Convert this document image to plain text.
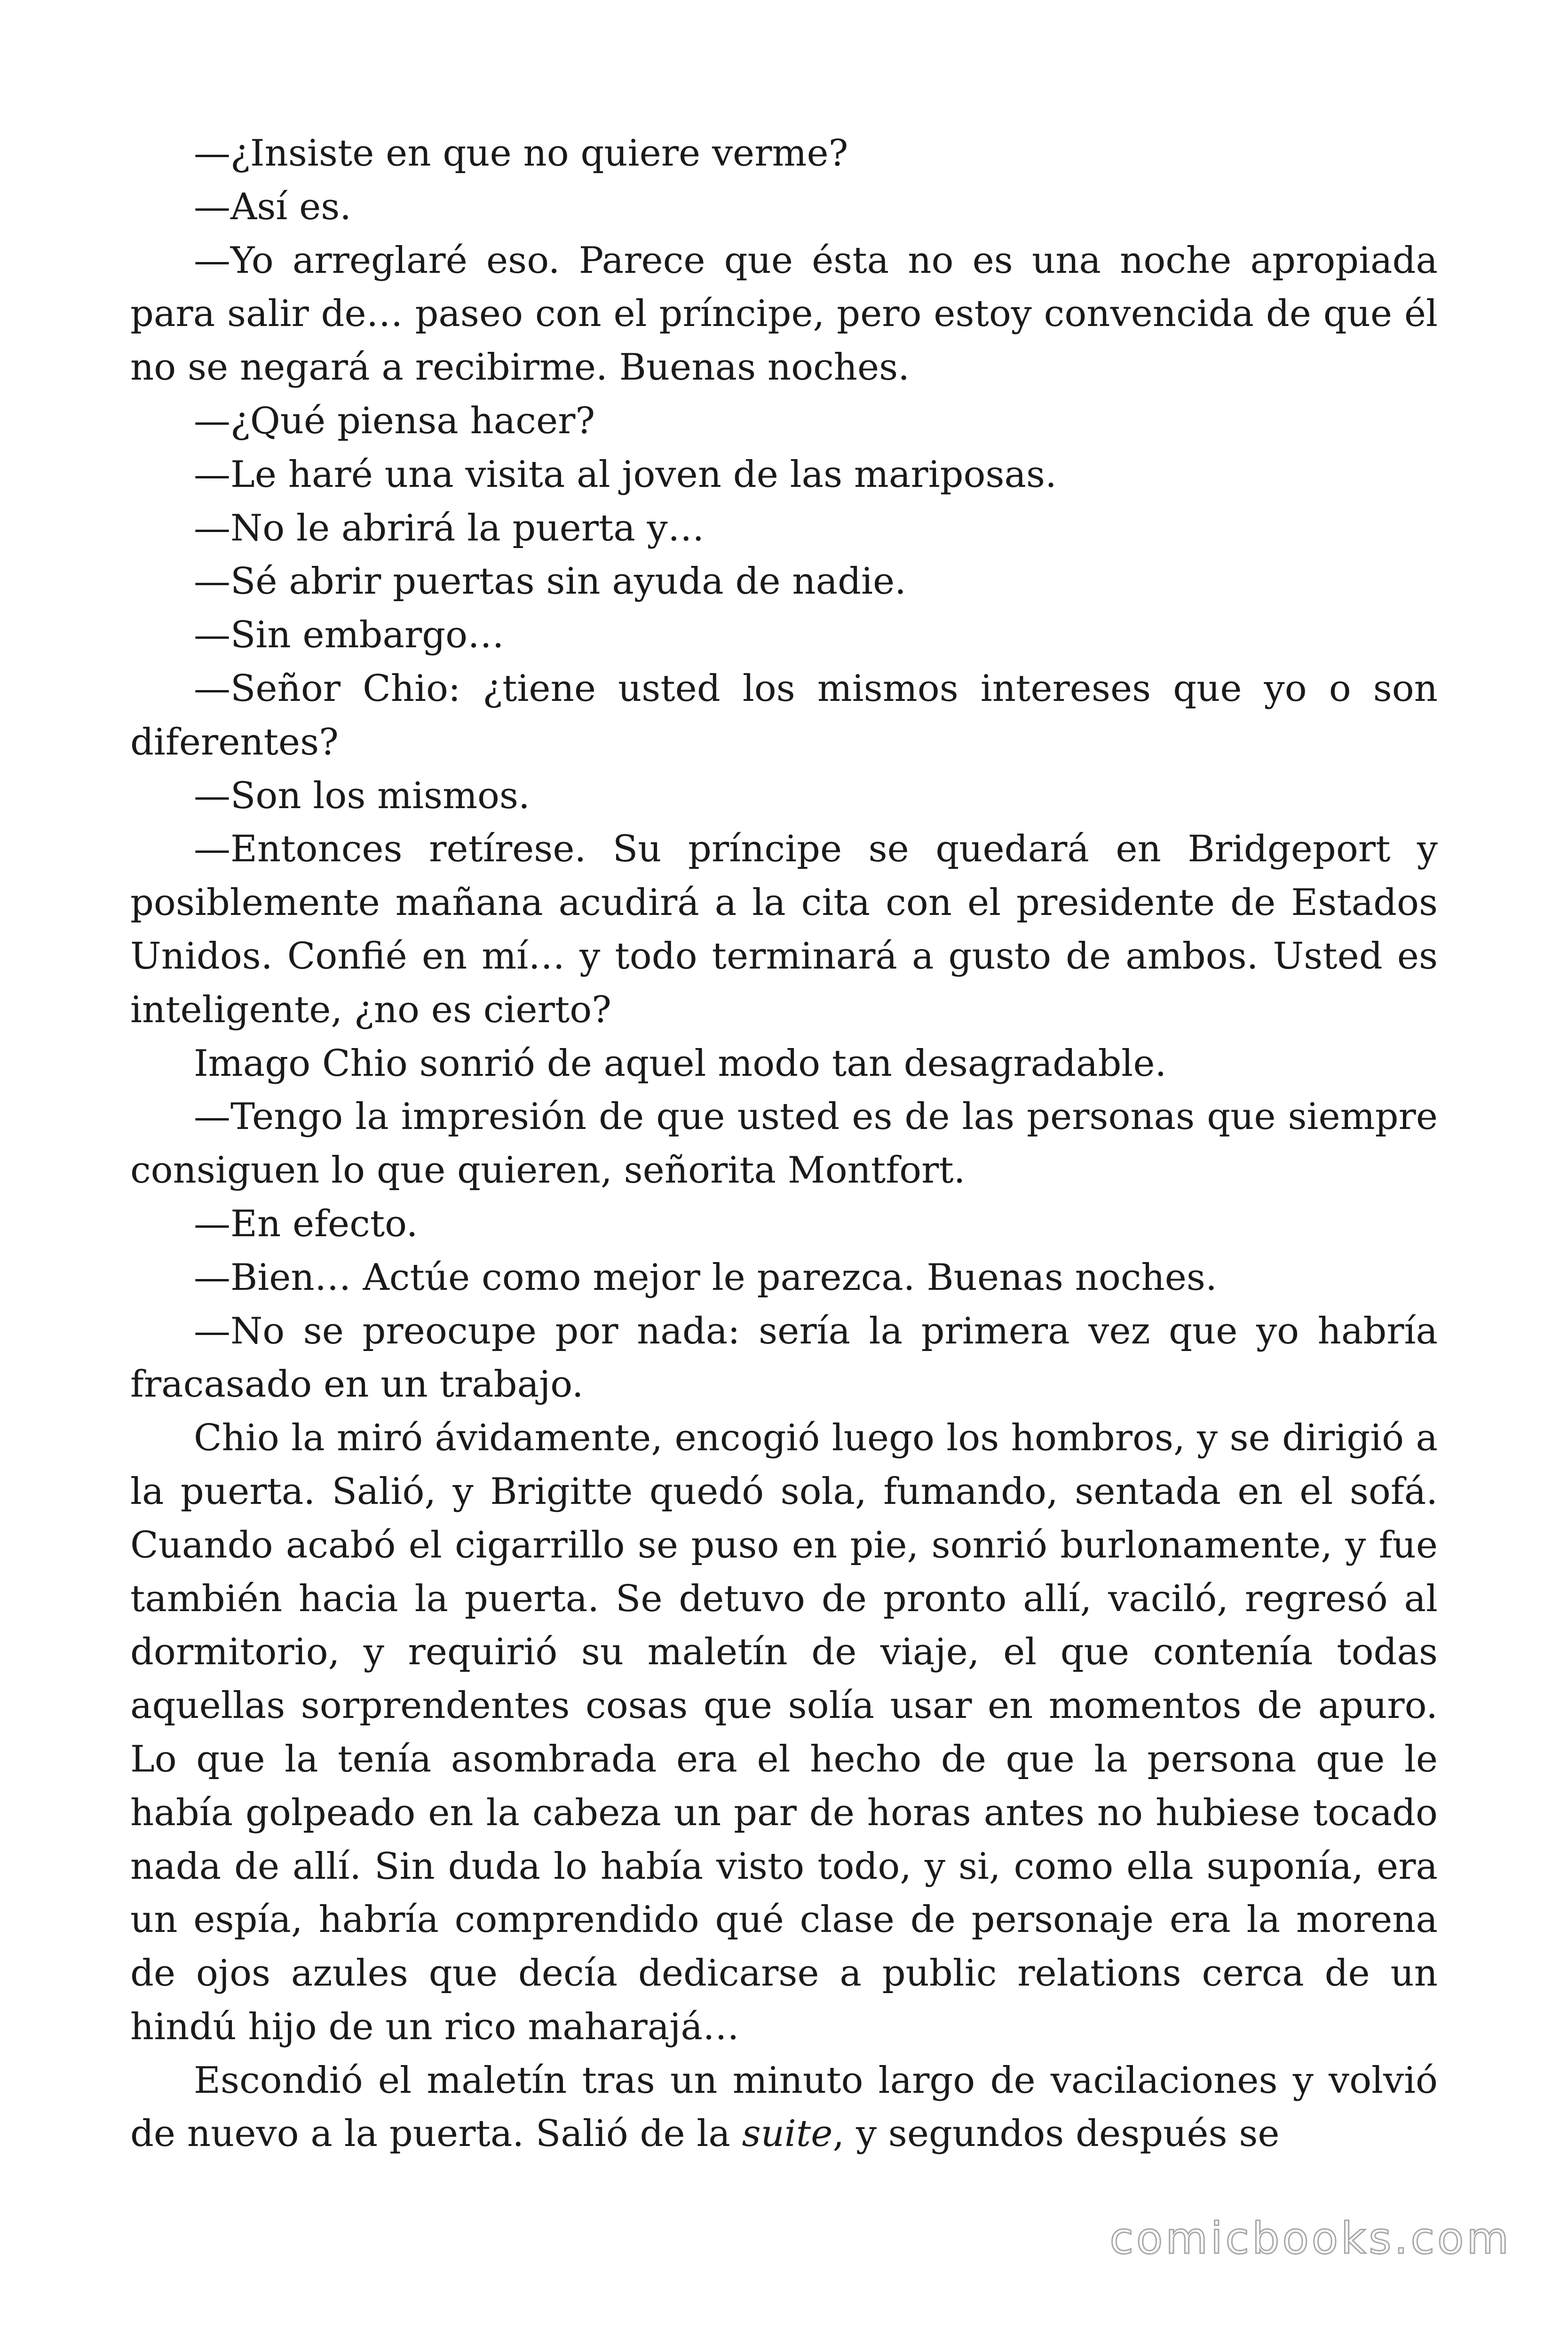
—¿Insiste en que no quiere verme?

—Así es.

—Yo arreglaré eso. Parece que ésta no es una noche apropiada para salir de… paseo con el príncipe, pero estoy convencida de que él no se negará a recibirme. Buenas noches.

—¿Qué piensa hacer?

—Le haré una visita al joven de las mariposas.

—No le abrirá la puerta y…

—Sé abrir puertas sin ayuda de nadie.

—Sin embargo…

—Señor Chio: ¿tiene usted los mismos intereses que yo o son diferentes?

—Son los mismos.

—Entonces retírese. Su príncipe se quedará en Bridgeport y posiblemente mañana acudirá a la cita con el presidente de Estados Unidos. Confié en mí… y todo terminará a gusto de ambos. Usted es inteligente, ¿no es cierto?

Imago Chio sonrió de aquel modo tan desagradable.

—Tengo la impresión de que usted es de las personas que siempre consiguen lo que quieren, señorita Montfort.

—En efecto.

—Bien… Actúe como mejor le parezca. Buenas noches.

—No se preocupe por nada: sería la primera vez que yo habría fracasado en un trabajo.

Chio la miró ávidamente, encogió luego los hombros, y se dirigió a la puerta. Salió, y Brigitte quedó sola, fumando, sentada en el sofá. Cuando acabó el cigarrillo se puso en pie, sonrió burlonamente, y fue también hacia la puerta. Se detuvo de pronto allí, vaciló, regresó al dormitorio, y requirió su maletín de viaje, el que contenía todas aquellas sorprendentes cosas que solía usar en momentos de apuro. Lo que la tenía asombrada era el hecho de que la persona que le había golpeado en la cabeza un par de horas antes no hubiese tocado nada de allí. Sin duda lo había visto todo, y si, como ella suponía, era un espía, habría comprendido qué clase de personaje era la morena de ojos azules que decía dedicarse a public relations cerca de un hindú hijo de un rico maharajá…

Escondió el maletín tras un minuto largo de vacilaciones y volvió de nuevo a la puerta. Salió de la suite, y segundos después se

comicbooks.com
